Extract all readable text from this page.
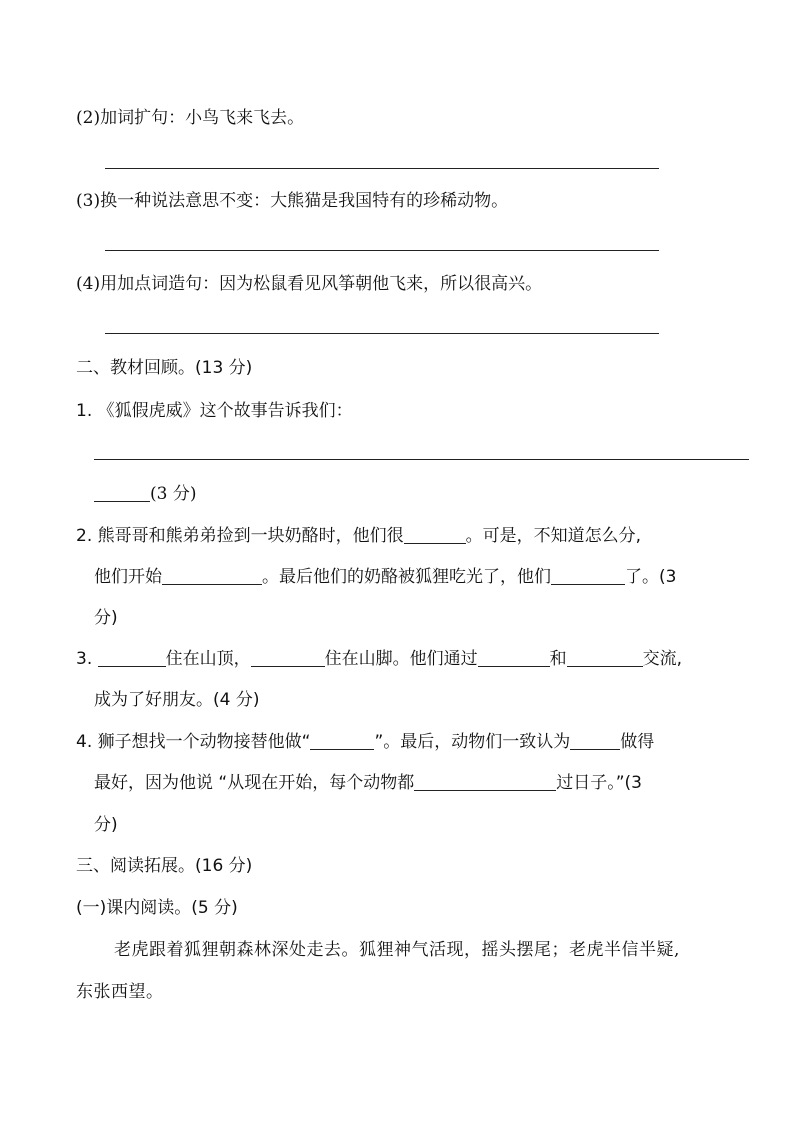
(2)加词扩句：小鸟飞来飞去。
(3)换一种说法意思不变：大熊猫是我国特有的珍稀动物。
(4)用加点词造句：因为松鼠看见风筝朝他飞来，所以很高兴。
二、教材回顾。(13 分)
1. 《狐假虎威》这个故事告诉我们：
(3 分)
2. 熊哥哥和熊弟弟捡到一块奶酪时，他们很	。可是，不知道怎么分,
他们开始	。最后他们的奶酪被狐狸吃光了，他们	了。(3
分)
3.	住在山顶，	住在山脚。他们通过	和	交流,
成为了好朋友。(4 分)
4. 狮子想找一个动物接替他做“	”。最后，动物们一致认为	做得
最好，因为他说 “从现在开始，每个动物都	过日子。”(3
分)
三、阅读拓展。(16 分)
(一)课内阅读。(5 分)
老虎跟着狐狸朝森林深处走去。狐狸神气活现，摇头摆尾；老虎半信半疑,
东张西望。
